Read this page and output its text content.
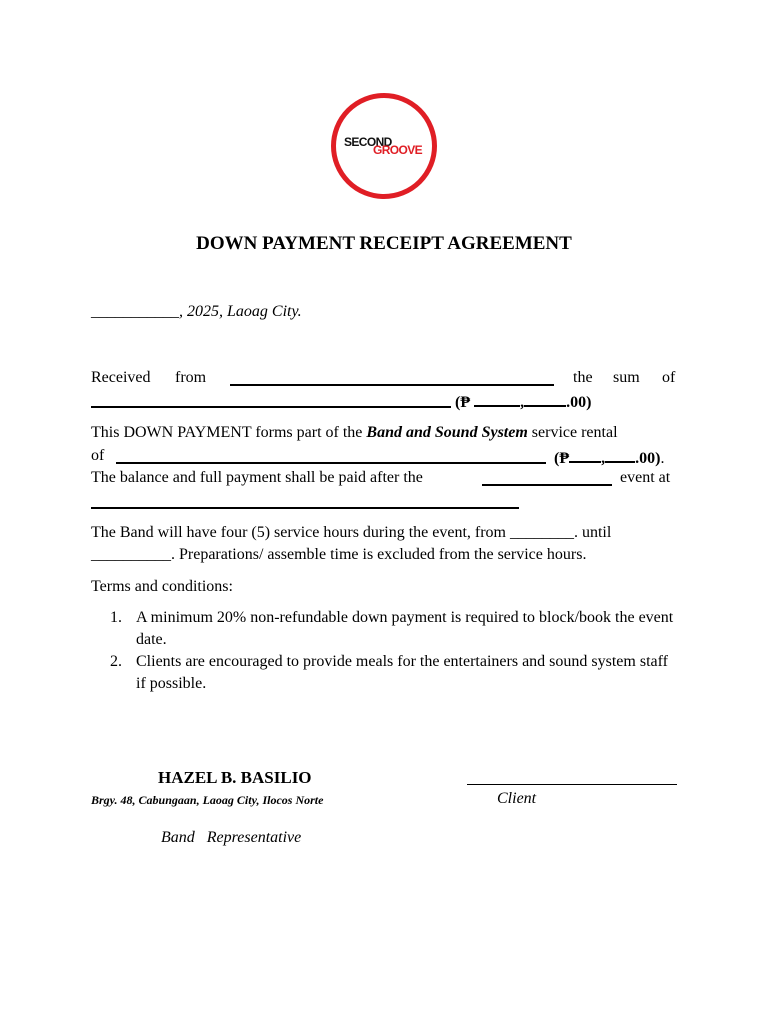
SECOND
GROOVE
DOWN PAYMENT RECEIPT AGREEMENT
___________, 2025, Laoag City.
Received from	the sum of
(₱	,	.00)
This DOWN PAYMENT forms part of the Band and Sound System service rental
of	(₱ , .00).
The balance and full payment shall be paid after the	event at
The Band will have four (5) service hours during the event, from ________. until
__________. Preparations/ assemble time is excluded from the service hours.
Terms and conditions:
1. A minimum 20% non-refundable down payment is required to block/book the event date.
2. Clients are encouraged to provide meals for the entertainers and sound system staff if possible.
HAZEL B. BASILIO
Brgy. 48, Cabungaan, Laoag City, Ilocos Norte
Band   Representative
Client
